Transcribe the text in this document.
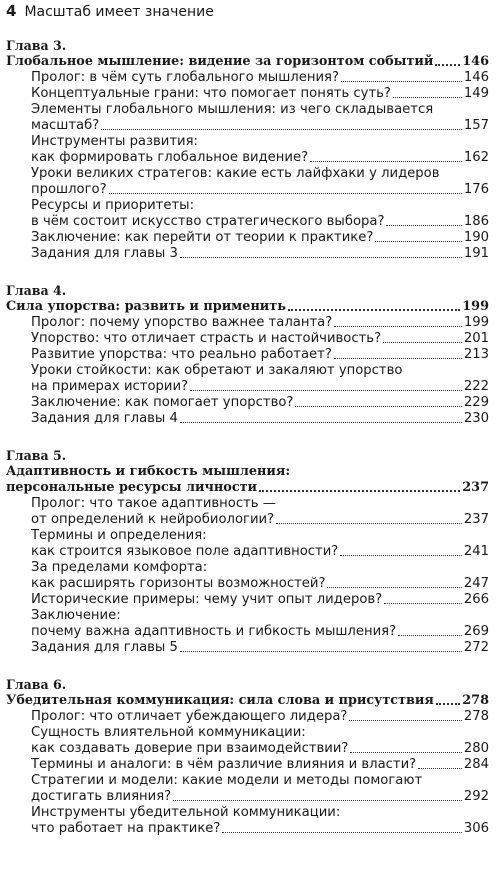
4 Масштаб имеет значение
Глава 3.
Глобальное мышление: видение за горизонтом событий 146
Пролог: в чём суть глобального мышления?	146
Концептуальные грани: что помогает понять суть?	149
Элементы глобального мышления: из чего складывается
масштаб?	157
Инструменты развития:
как формировать глобальное видение?	162
Уроки великих стратегов: какие есть лайфхаки у лидеров
прошлого?	176
Ресурсы и приоритеты:
в чём состоит искусство стратегического выбора?	186
Заключение: как перейти от теории к практике?	190
Задания для главы 3	191
Глава 4.
Сила упорства: развить и применить	199
Пролог: почему упорство важнее таланта?	199
Упорство: что отличает страсть и настойчивость?	201
Развитие упорства: что реально работает?	213
Уроки стойкости: как обретают и закаляют упорство
на примерах истории?	222
Заключение: как помогает упорство?	229
Задания для главы 4	230
Глава 5.
Адаптивность и гибкость мышления:
персональные ресурсы личности	237
Пролог: что такое адаптивность —
от определений к нейробиологии?	237
Термины и определения:
как строится языковое поле адаптивности?	241
За пределами комфорта:
как расширять горизонты возможностей?	247
Исторические примеры: чему учит опыт лидеров?	266
Заключение:
почему важна адаптивность и гибкость мышления?	269
Задания для главы 5	272
Глава 6.
Убедительная коммуникация: сила слова и присутствия 278
Пролог: что отличает убеждающего лидера?	278
Сущность влиятельной коммуникации:
как создавать доверие при взаимодействии?	280
Термины и аналоги: в чём различие влияния и власти?	284
Стратегии и модели: какие модели и методы помогают
достигать влияния?	292
Инструменты убедительной коммуникации:
что работает на практике?	306
